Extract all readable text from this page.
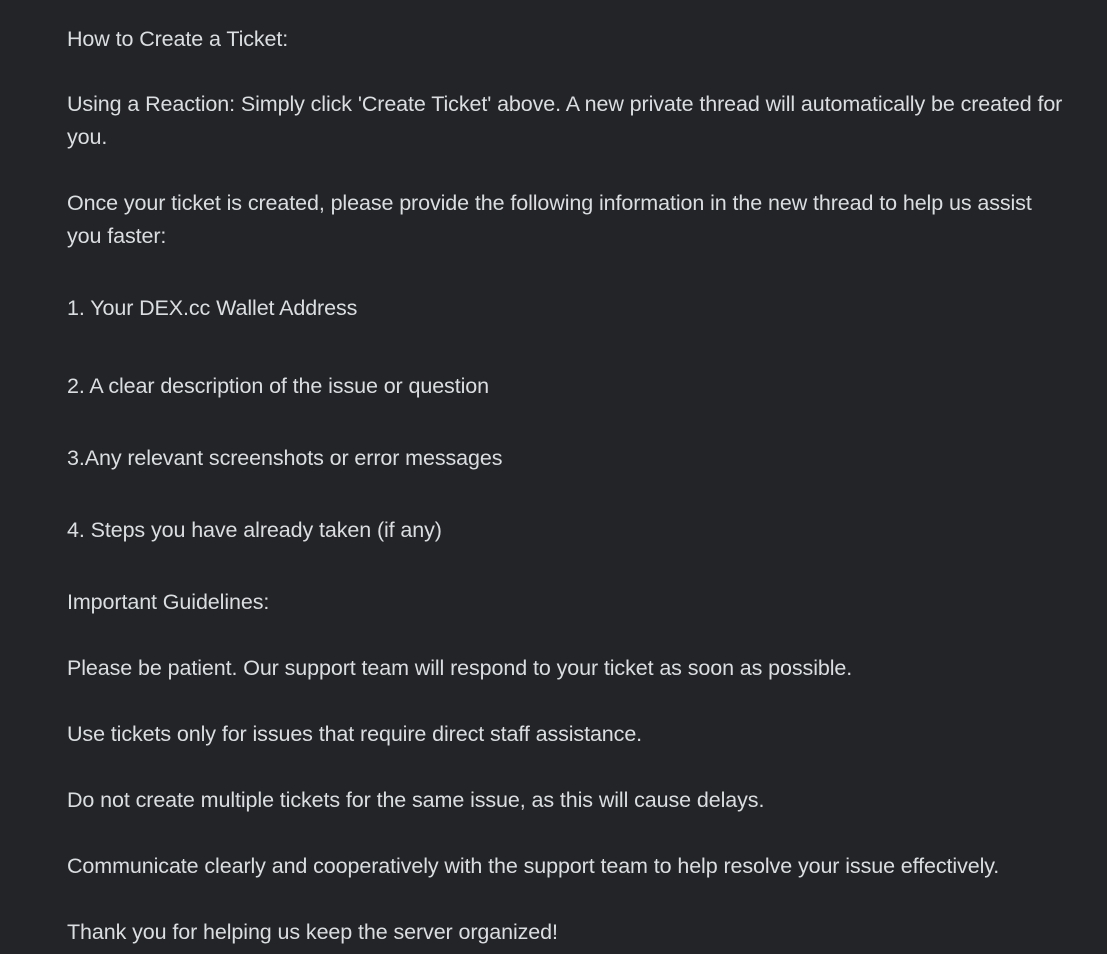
How to Create a Ticket:
Using a Reaction: Simply click 'Create Ticket' above. A new private thread will automatically be created for you.
Once your ticket is created, please provide the following information in the new thread to help us assist you faster:
1. Your DEX.cc Wallet Address
2. A clear description of the issue or question
3.Any relevant screenshots or error messages
4. Steps you have already taken (if any)
Important Guidelines:
Please be patient. Our support team will respond to your ticket as soon as possible.
Use tickets only for issues that require direct staff assistance.
Do not create multiple tickets for the same issue, as this will cause delays.
Communicate clearly and cooperatively with the support team to help resolve your issue effectively.
Thank you for helping us keep the server organized!
